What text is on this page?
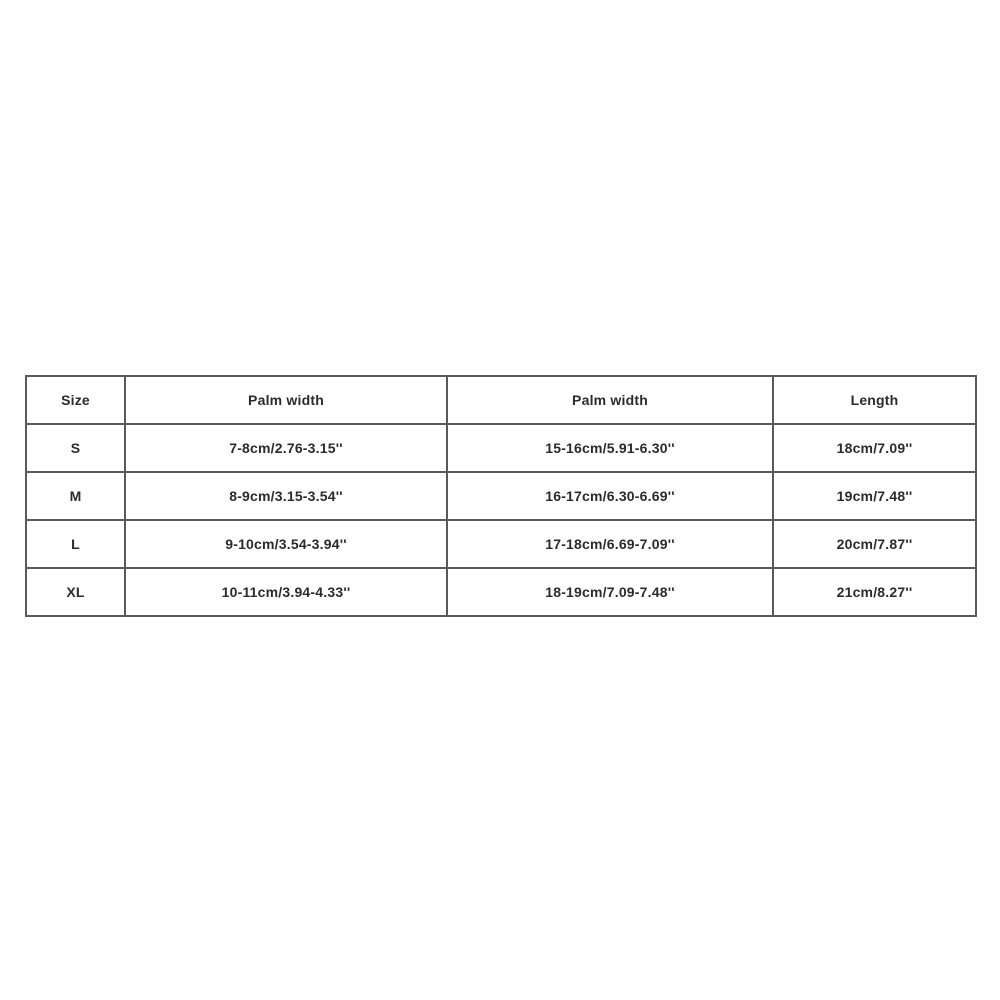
Size	Palm width	Palm width	Length
S	7-8cm/2.76-3.15''	15-16cm/5.91-6.30''	18cm/7.09''
M	8-9cm/3.15-3.54''	16-17cm/6.30-6.69''	19cm/7.48''
L	9-10cm/3.54-3.94''	17-18cm/6.69-7.09''	20cm/7.87''
XL	10-11cm/3.94-4.33''	18-19cm/7.09-7.48''	21cm/8.27''
